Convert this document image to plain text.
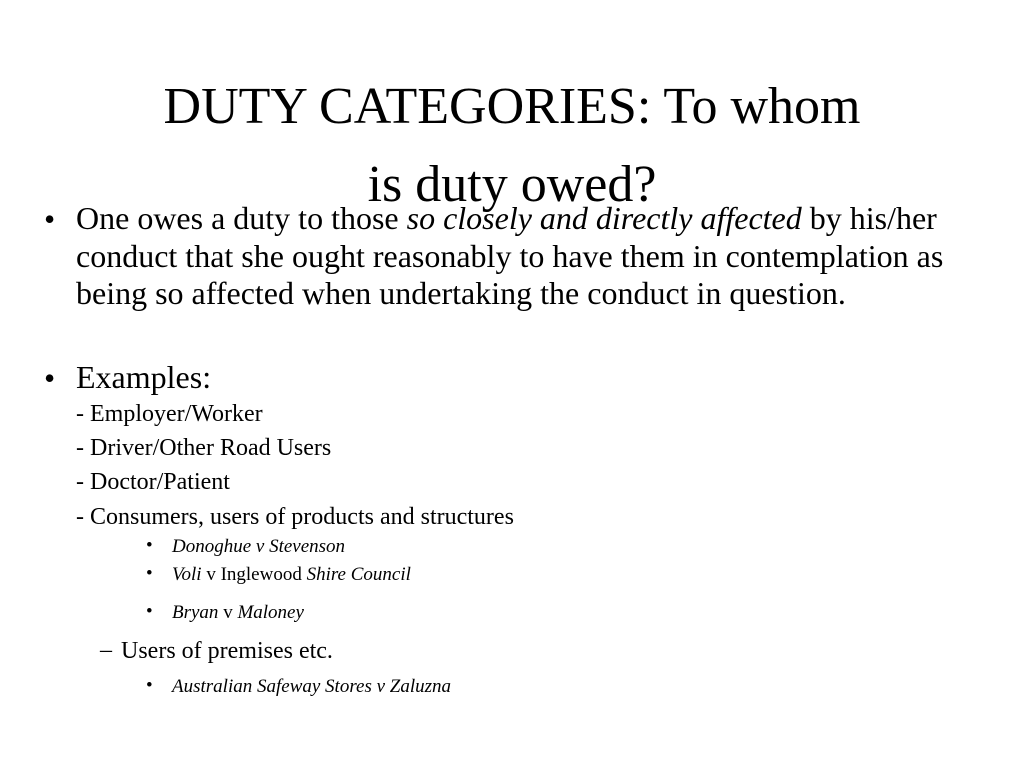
DUTY CATEGORIES: To whom
is duty owed?
• One owes a duty to those so closely and directly affected by his/her conduct that she ought reasonably to have them in contemplation as being so affected when undertaking the conduct in question.

• Examples:
- Employer/Worker
- Driver/Other Road Users
- Doctor/Patient
- Consumers, users of products and structures
• Donoghue v Stevenson
• Voli v Inglewood Shire Council
• Bryan v Maloney
– Users of premises etc.
• Australian Safeway Stores v Zaluzna
